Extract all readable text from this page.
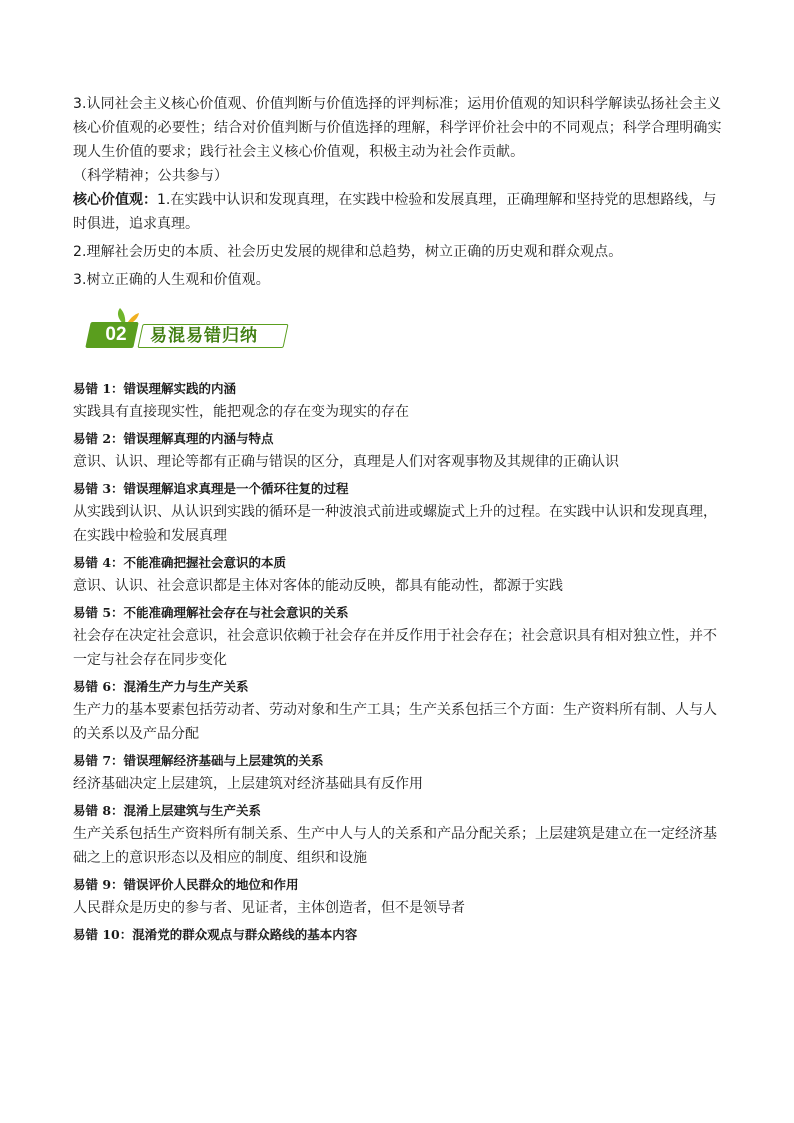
3.认同社会主义核心价值观、价值判断与价值选择的评判标准；运用价值观的知识科学解读弘扬社会主义核心价值观的必要性；结合对价值判断与价值选择的理解，科学评价社会中的不同观点；科学合理明确实现人生价值的要求；践行社会主义核心价值观，积极主动为社会作贡献。

（科学精神；公共参与）

核心价值观：1.在实践中认识和发现真理，在实践中检验和发展真理，正确理解和坚持党的思想路线，与时俱进，追求真理。

2.理解社会历史的本质、社会历史发展的规律和总趋势，树立正确的历史观和群众观点。

3.树立正确的人生观和价值观。

02	易混易错归纳

易错 1：错误理解实践的内涵

实践具有直接现实性，能把观念的存在变为现实的存在

易错 2：错误理解真理的内涵与特点

意识、认识、理论等都有正确与错误的区分，真理是人们对客观事物及其规律的正确认识

易错 3：错误理解追求真理是一个循环往复的过程

从实践到认识、从认识到实践的循环是一种波浪式前进或螺旋式上升的过程。在实践中认识和发现真理，在实践中检验和发展真理

易错 4：不能准确把握社会意识的本质

意识、认识、社会意识都是主体对客体的能动反映，都具有能动性，都源于实践

易错 5：不能准确理解社会存在与社会意识的关系

社会存在决定社会意识，社会意识依赖于社会存在并反作用于社会存在；社会意识具有相对独立性，并不一定与社会存在同步变化

易错 6：混淆生产力与生产关系

生产力的基本要素包括劳动者、劳动对象和生产工具；生产关系包括三个方面：生产资料所有制、人与人的关系以及产品分配

易错 7：错误理解经济基础与上层建筑的关系

经济基础决定上层建筑，上层建筑对经济基础具有反作用

易错 8：混淆上层建筑与生产关系

生产关系包括生产资料所有制关系、生产中人与人的关系和产品分配关系；上层建筑是建立在一定经济基础之上的意识形态以及相应的制度、组织和设施

易错 9：错误评价人民群众的地位和作用

人民群众是历史的参与者、见证者，主体创造者，但不是领导者

易错 10：混淆党的群众观点与群众路线的基本内容
